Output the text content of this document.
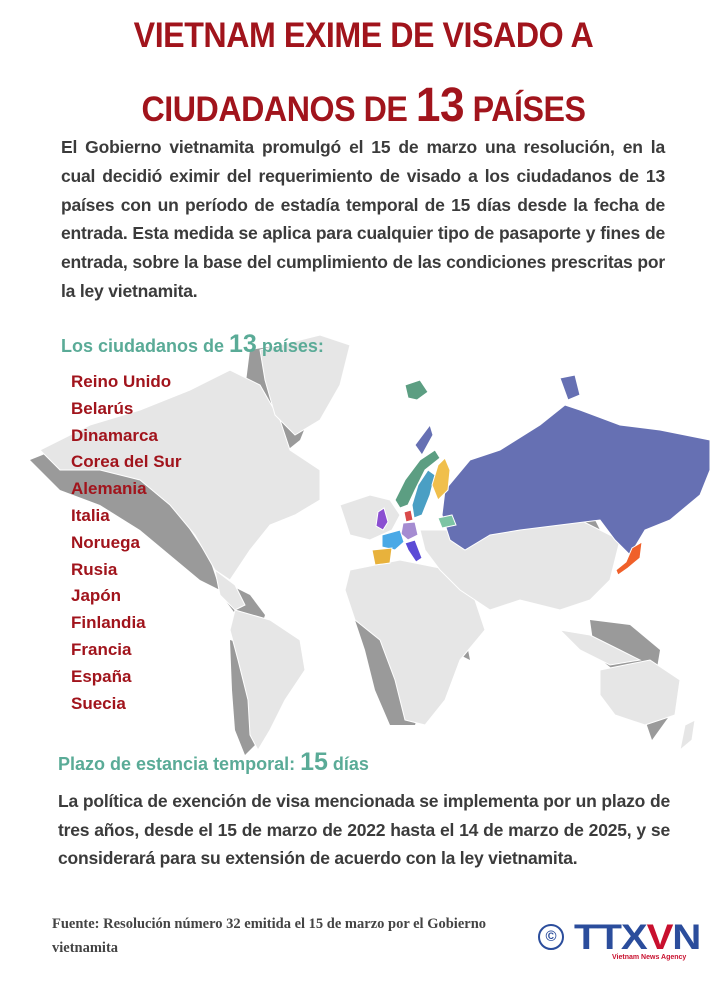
VIETNAM EXIME DE VISADO A
CIUDADANOS DE 13 PAÍSES

El Gobierno vietnamita promulgó el 15 de marzo una resolución, en la cual decidió eximir del requerimiento de visado a los ciudadanos de 13 países con un período de estadía temporal de 15 días desde la fecha de entrada. Esta medida se aplica para cualquier tipo de pasaporte y fines de entrada, sobre la base del cumplimiento de las condiciones prescritas por la ley vietnamita.

Los ciudadanos de 13 países:
Reino Unido
Belarús
Dinamarca
Corea del Sur
Alemania
Italia
Noruega
Rusia
Japón
Finlandia
Francia
España
Suecia
Plazo de estancia temporal: 15 días

La política de exención de visa mencionada se implementa por un plazo de tres años, desde el 15 de marzo de 2022 hasta el 14 de marzo de 2025, y se considerará para su extensión de acuerdo con la ley vietnamita.

Fuente: Resolución número 32 emitida el 15 de marzo por el Gobierno vietnamita

© TTXVN
Vietnam News Agency
